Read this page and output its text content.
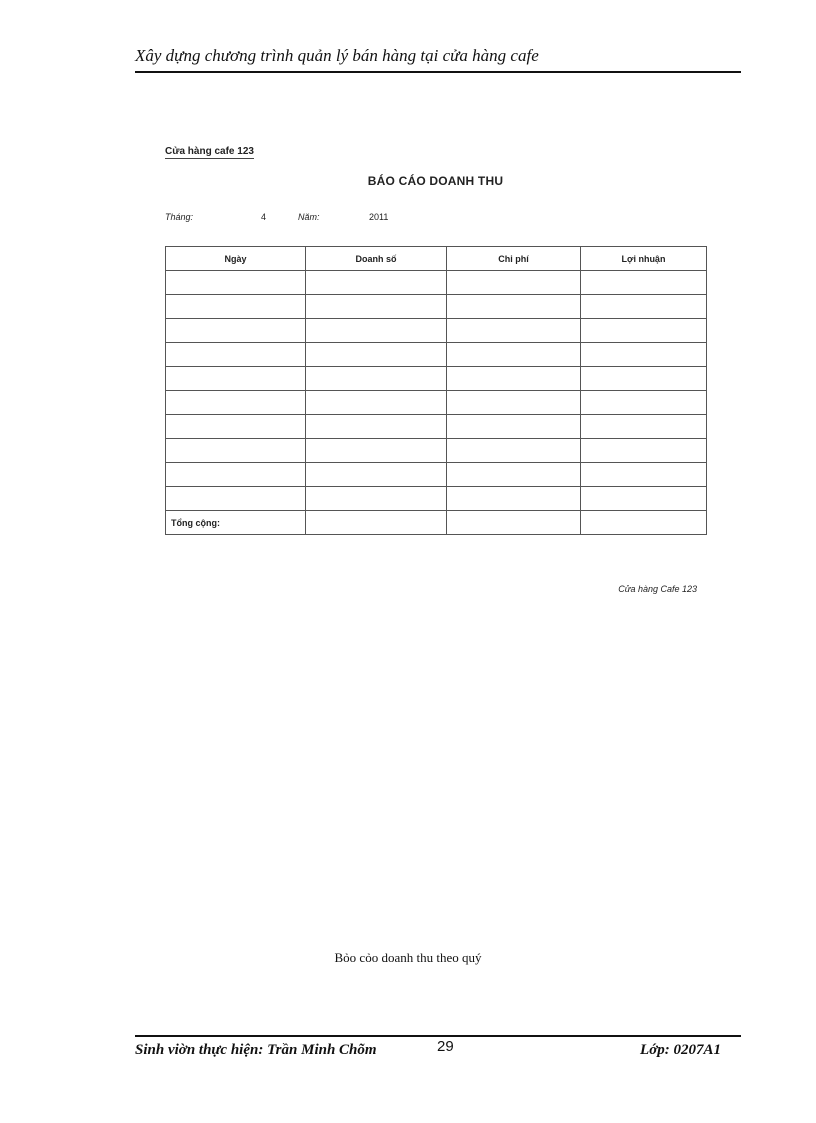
Xây dựng chương trình quản lý bán hàng tại cửa hàng cafe
Cửa hàng cafe 123
BÁO CÁO DOANH THU
Tháng:	4	Năm:	2011
Ngày	Doanh số	Chi phí	Lợi nhuận

Tổng cộng:			
Cửa hàng Cafe 123
Bỏo cỏo doanh thu theo quý
Sinh viờn thực hiện: Trần Minh Chõm	29	Lớp: 0207A1
